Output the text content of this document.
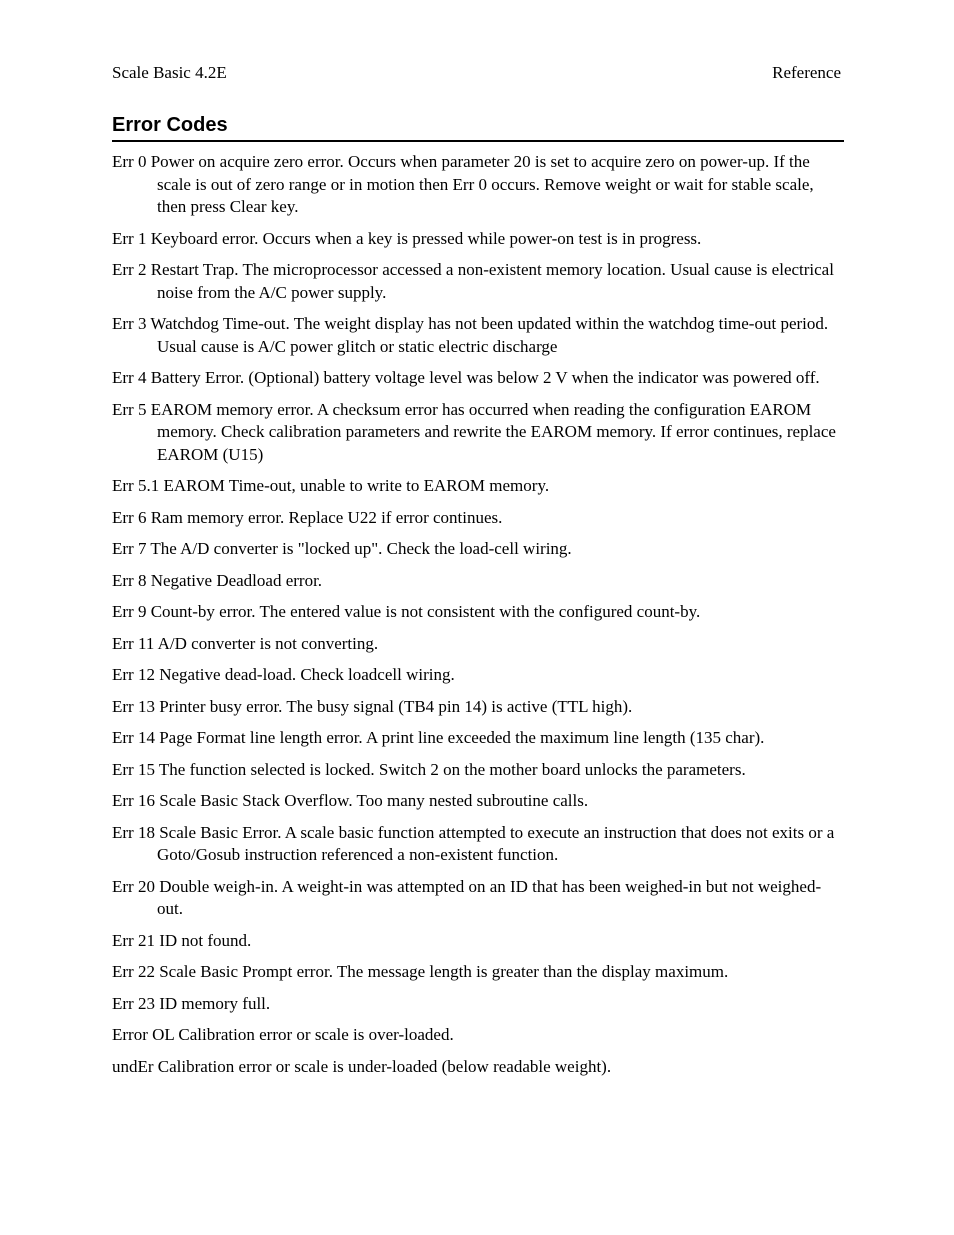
Scale Basic 4.2E	Reference
Error Codes

Err 0 Power on acquire zero error. Occurs when parameter 20 is set to acquire zero on power-up. If the scale is out of zero range or in motion then Err 0 occurs. Remove weight or wait for stable scale, then press Clear key.

Err 1 Keyboard error. Occurs when a key is pressed while power-on test is in progress.

Err 2 Restart Trap. The microprocessor accessed a non-existent memory location. Usual cause is electrical noise from the A/C power supply.

Err 3 Watchdog Time-out. The weight display has not been updated within the watchdog time-out period. Usual cause is A/C power glitch or static electric discharge

Err 4 Battery Error. (Optional) battery voltage level was below 2 V when the indicator was powered off.

Err 5 EAROM memory error. A checksum error has occurred when reading the configuration EAROM memory. Check calibration parameters and rewrite the EAROM memory. If error continues, replace EAROM (U15)

Err 5.1 EAROM Time-out, unable to write to EAROM memory.

Err 6 Ram memory error. Replace U22 if error continues.

Err 7 The A/D converter is "locked up". Check the load-cell wiring.

Err 8 Negative Deadload error.

Err 9 Count-by error. The entered value is not consistent with the configured count-by.

Err 11 A/D converter is not converting.

Err 12 Negative dead-load. Check loadcell wiring.

Err 13 Printer busy error. The busy signal (TB4 pin 14) is active (TTL high).

Err 14 Page Format line length error. A print line exceeded the maximum line length (135 char).

Err 15 The function selected is locked. Switch 2 on the mother board unlocks the parameters.

Err 16 Scale Basic Stack Overflow. Too many nested subroutine calls.

Err 18 Scale Basic Error. A scale basic function attempted to execute an instruction that does not exits or a Goto/Gosub instruction referenced a non-existent function.

Err 20 Double weigh-in. A weight-in was attempted on an ID that has been weighed-in but not weighed-out.

Err 21 ID not found.

Err 22 Scale Basic Prompt error. The message length is greater than the display maximum.

Err 23 ID memory full.

Error OL Calibration error or scale is over-loaded.

undEr Calibration error or scale is under-loaded (below readable weight).
